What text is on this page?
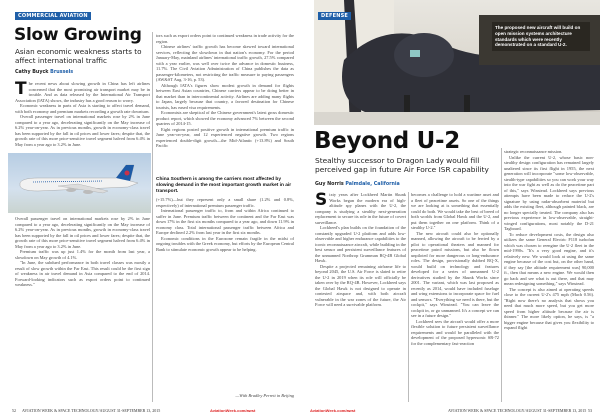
COMMERCIAL AVIATION
Slow Growing
Asian economic weakness starts to affect international traffic
Cathy Buyck Brussels

The recent news about slowing growth in China has left airlines concerned that the most promising air transport market may be in trouble. And as data released by the International Air Transport Association (IATA) shows, the industry has a good reason to worry.

Economic weakness in parts of Asia is starting to affect travel demand, with both economy and premium markets recording a growth rate downturn.

Overall passenger travel on international markets rose by 2% in June compared to a year ago, decelerating significantly on the May increase of 6.2% year-on-year. As in previous months, growth in economy-class travel has been supported by the fall in oil prices and lower fares; despite that, the growth rate of this more price-sensitive travel segment halved from 6.4% in May from a year ago to 3.2% in June.

Overall passenger travel on international markets rose by 2% in June compared to a year ago, decelerating significantly on the May increase of 6.2% year-on-year. As in previous months, growth in economy-class travel has been supported by the fall in oil prices and lower fares; despite that, the growth rate of this more price-sensitive travel segment halved from 6.4% in May from a year ago to 3.2% in June.

Premium traffic was up just 1.4% for the month from last year, a slowdown on May growth of 4.1%.

"In June, the subdued performance in both travel classes was mostly a result of slow growth within the Far East. This result could be the first sign of weakness in air travel demand in Asia compared to the end of 2014. Forward-looking indicators such as export orders point to continued weakness."

tors such as export orders point to continued weakness in trade activity for the region.

Chinese airlines' traffic growth has become skewed toward international services, reflecting the slowdown in that nation's economy. For the period January-May, mainland airlines' international traffic growth, 27.5% compared with a year earlier, was well over twice the advance in domestic business, 11.7%. The Civil Aviation Administration of China publishes the data as passenger-kilometers, not restricting the traffic measure to paying passengers (AW&ST Aug. 3-16, p. 53).

Although IATA's figures show modest growth in demand for flights between East Asian countries, Chinese carriers appear to be doing better in that market than in intercontinental activity. Airlines are adding many flights to Japan, largely because that country, a favored destination for Chinese tourists, has eased visa requirements.

Economists are skeptical of the Chinese government's latest gross domestic product report, which showed the economy advanced 7% between the second quarters of 2014-15.

Eight regions posted positive growth in international premium traffic in June year-on-year, and 12 experienced negative growth. Two regions experienced double-digit growth—the Mid-Atlantic (+13.8%) and South Pacific

China Southern is among the carriers most affected by slowing demand in the most important growth market in air transport.

(+15.7%)—but they represent only a small share (1.2% and 0.8%, respectively) of international premium passenger traffic.

International passenger traffic to, from and within Africa continued to suffer in June. Premium traffic between the continent and the Far East was down 17% in the first six months compared to a year ago, and down 11.9% in economy class. Total international passenger traffic between Africa and Europe declined 2.2% from last year in the first six months.

Economic conditions in the Eurozone remain fragile in the midst of ongoing troubles with the Greek economy, but efforts by the European Central Bank to stimulate economic growth appear to be helping.

—With Bradley Perrett in Beijing
52 AVIATION WEEK & SPACE TECHNOLOGY/AUGUST 31-SEPTEMBER 13, 2015	AviationWeek.com/awst
DEFENSE
The proposed new aircraft will build on open mission systems architecture standards which were recently demonstrated on a standard U-2.
Beyond U-2
Stealthy successor to Dragon Lady would fill perceived gap in future Air Force ISR capability
Guy Norris Palmdale, California

Sixty years after Lockheed Martin Skunk Works began the modern era of high-altitude spy planes with the U-2, the company is studying a stealthy next-generation replacement to secure its role in the future of covert surveillance.

Lockheed's plan builds on the foundation of the constantly upgraded U-2 platform and adds low-observable and higher endurance capabilities to the iconic reconnaissance aircraft, while building in the best sensor and persistent surveillance features of the unmanned Northrop Grumman RQ-4B Global Hawk.

Despite a projected remaining airframe life to beyond 2045, the U.S. Air Force is slated to retire the U-2 in 2019 when its role will officially be taken over by the RQ-4B. However, Lockheed says the Global Hawk is not designed to operate in contested airspace and, with both aircraft vulnerable in the war zones of the future, the Air Force will need a survivable platform.

becomes a challenge to hold a wartime asset and a fleet of peacetime assets. So one of the things we are looking at is something that essentially could do both. We would take the best of breed of both worlds from Global Hawk and the U-2, and put them together on one platform. Think of a stealthy U-2."

The new aircraft could also be optionally manned, allowing the aircraft to be ferried by a pilot to operational theaters and manned for peacetime patrol missions, but also be flown unpiloted for more dangerous or long-endurance roles. The design, provisionally dubbed RQ-X, would build on technology and features developed for a series of unmanned U-2 derivatives studied by the Skunk Works since 2001. The variant, which was last proposed as recently as 2014, would have included fuselage and wing extensions to incorporate space for fuel and sensors. "Everything we need is there, but the cockpit," says Winstead. "You can leave the cockpit in, or go unmanned. It's a concept we can see in a future design."

Lockheed sees the aircraft would offer a more flexible solution to future persistent surveillance requirements and would be paralleled with the development of the proposed hypersonic SR-72 for the complementary fast-reaction

strategic reconnaissance mission.

Unlike the current U-2, whose basic non-stealthy design configuration has remained largely unaltered since its first flight in 1955, the next generation will incorporate "some low-observable, stealth-type capabilities so you can work your way into the war fight as well as do the peacetime part of this," says Winstead. Lockheed says previous attempts have been made to reduce the U-2's signature by using radar-absorbent material but adds the existing fleet, although painted black, are no longer specially treated. The company also has previous experience in low-observable, straight-winged configurations, most notably the D-21 Tagboard.

To reduce development costs, the design also utilizes the same General Electric F118 turbofan which was chosen to reengine the U-2 fleet in the mid-1990s. "It's a very good engine, and it's relatively new. We would look at using the same engine because of the cost but, on the other hand, if they say [the altitude requirement was] 90,000 ft., then that means a new engine. We would then go back and see what is out there, and that may mean redesigning something," says Winstead.

The concept is also aimed at operating speeds close to the current U-2's 475 mph (Mach 0.56). "Right now there's no analysis that shows you need that much more speed, but you get more speed from higher altitude because the air is thinner." The more likely option, he says, is "a bigger engine because that gives you flexibility to expand flight

AviationWeek.com/awst	AVIATION WEEK & SPACE TECHNOLOGY/AUGUST 31-SEPTEMBER 13, 2015 53
